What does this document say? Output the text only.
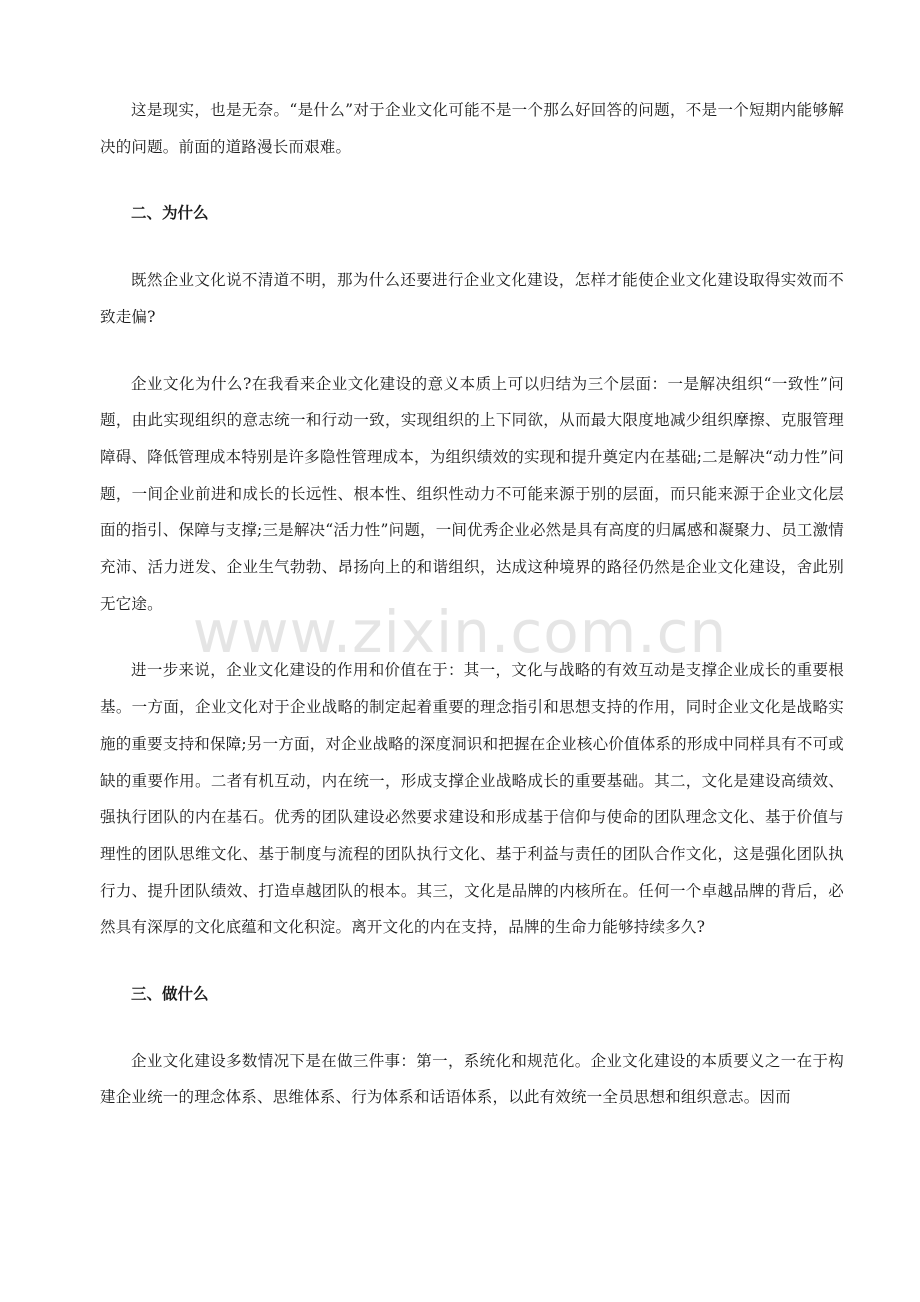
这是现实，也是无奈。“是什么”对于企业文化可能不是一个那么好回答的问题，不是一个短期内能够解决的问题。前面的道路漫长而艰难。

二、为什么

既然企业文化说不清道不明，那为什么还要进行企业文化建设，怎样才能使企业文化建设取得实效而不致走偏?

企业文化为什么?在我看来企业文化建设的意义本质上可以归结为三个层面：一是解决组织“一致性”问题，由此实现组织的意志统一和行动一致，实现组织的上下同欲，从而最大限度地减少组织摩擦、克服管理障碍、降低管理成本特别是许多隐性管理成本，为组织绩效的实现和提升奠定内在基础;二是解决“动力性”问题，一间企业前进和成长的长远性、根本性、组织性动力不可能来源于别的层面，而只能来源于企业文化层面的指引、保障与支撑;三是解决“活力性”问题，一间优秀企业必然是具有高度的归属感和凝聚力、员工激情充沛、活力迸发、企业生气勃勃、昂扬向上的和谐组织，达成这种境界的路径仍然是企业文化建设，舍此别无它途。

进一步来说，企业文化建设的作用和价值在于：其一，文化与战略的有效互动是支撑企业成长的重要根基。一方面，企业文化对于企业战略的制定起着重要的理念指引和思想支持的作用，同时企业文化是战略实施的重要支持和保障;另一方面，对企业战略的深度洞识和把握在企业核心价值体系的形成中同样具有不可或缺的重要作用。二者有机互动，内在统一，形成支撑企业战略成长的重要基础。其二，文化是建设高绩效、强执行团队的内在基石。优秀的团队建设必然要求建设和形成基于信仰与使命的团队理念文化、基于价值与理性的团队思维文化、基于制度与流程的团队执行文化、基于利益与责任的团队合作文化，这是强化团队执行力、提升团队绩效、打造卓越团队的根本。其三，文化是品牌的内核所在。任何一个卓越品牌的背后，必然具有深厚的文化底蕴和文化积淀。离开文化的内在支持，品牌的生命力能够持续多久?

三、做什么

企业文化建设多数情况下是在做三件事：第一，系统化和规范化。企业文化建设的本质要义之一在于构建企业统一的理念体系、思维体系、行为体系和话语体系，以此有效统一全员思想和组织意志。因而

www.zixin.com.cn
